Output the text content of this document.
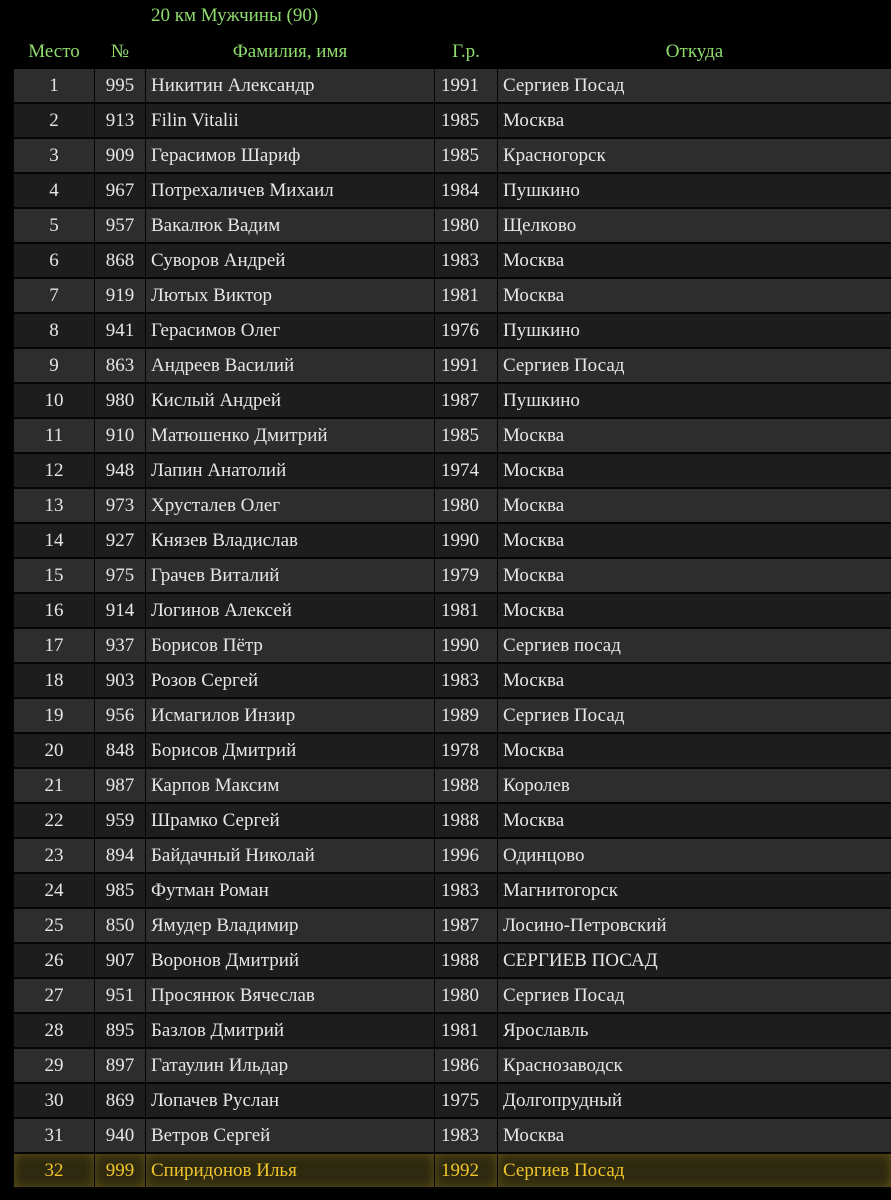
20 км Мужчины (90)
Место	№	Фамилия, имя	Г.р.	Откуда
1	995	Никитин Александр	1991	Сергиев Посад
2	913	Filin Vitalii	1985	Москва
3	909	Герасимов Шариф	1985	Красногорск
4	967	Потрехаличев Михаил	1984	Пушкино
5	957	Вакалюк Вадим	1980	Щелково
6	868	Суворов Андрей	1983	Москва
7	919	Лютых Виктор	1981	Москва
8	941	Герасимов Олег	1976	Пушкино
9	863	Андреев Василий	1991	Сергиев Посад
10	980	Кислый Андрей	1987	Пушкино
11	910	Матюшенко Дмитрий	1985	Москва
12	948	Лапин Анатолий	1974	Москва
13	973	Хрусталев Олег	1980	Москва
14	927	Князев Владислав	1990	Москва
15	975	Грачев Виталий	1979	Москва
16	914	Логинов Алексей	1981	Москва
17	937	Борисов Пётр	1990	Сергиев посад
18	903	Розов Сергей	1983	Москва
19	956	Исмагилов Инзир	1989	Сергиев Посад
20	848	Борисов Дмитрий	1978	Москва
21	987	Карпов Максим	1988	Королев
22	959	Шрамко Сергей	1988	Москва
23	894	Байдачный Николай	1996	Одинцово
24	985	Футман Роман	1983	Магнитогорск
25	850	Ямудер Владимир	1987	Лосино-Петровский
26	907	Воронов Дмитрий	1988	СЕРГИЕВ ПОСАД
27	951	Просянюк Вячеслав	1980	Сергиев Посад
28	895	Базлов Дмитрий	1981	Ярославль
29	897	Гатаулин Ильдар	1986	Краснозаводск
30	869	Лопачев Руслан	1975	Долгопрудный
31	940	Ветров Сергей	1983	Москва
32	999	Спиридонов Илья	1992	Сергиев Посад
